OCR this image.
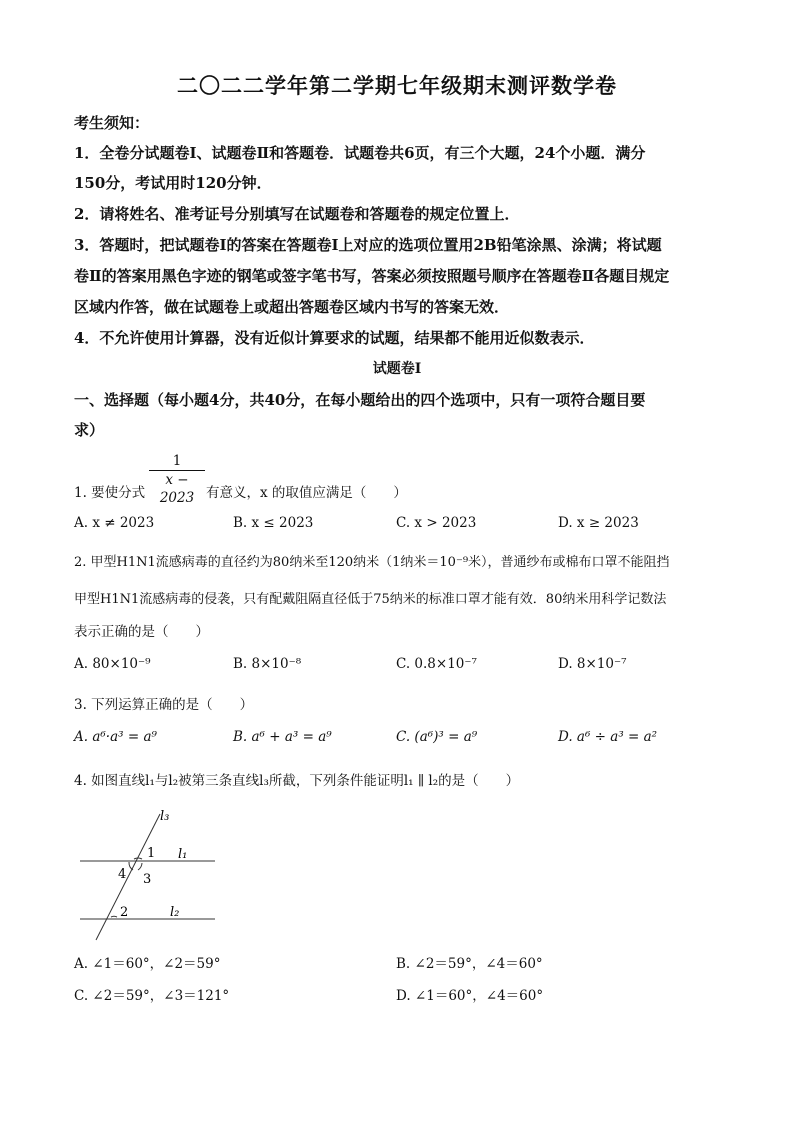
二〇二二学年第二学期七年级期末测评数学卷
考生须知：
1．全卷分试题卷Ⅰ、试题卷Ⅱ和答题卷．试题卷共6页，有三个大题，24个小题．满分
150分，考试用时120分钟．
2．请将姓名、准考证号分别填写在试题卷和答题卷的规定位置上．
3．答题时，把试题卷Ⅰ的答案在答题卷Ⅰ上对应的选项位置用2B铅笔涂黑、涂满；将试题
卷Ⅱ的答案用黑色字迹的钢笔或签字笔书写，答案必须按照题号顺序在答题卷Ⅱ各题目规定
区域内作答，做在试题卷上或超出答题卷区域内书写的答案无效．
4．不允许使用计算器，没有近似计算要求的试题，结果都不能用近似数表示．
试题卷Ⅰ
一、选择题（每小题4分，共40分，在每小题给出的四个选项中，只有一项符合题目要
求）
1. 要使分式
1
x − 2023 有意义，x 的取值应满足（　　）
A. x ≠ 2023	B. x ≤ 2023	C. x > 2023	D. x ≥ 2023
2. 甲型H1N1流感病毒的直径约为80纳米至120纳米（1纳米＝10⁻⁹米），普通纱布或棉布口罩不能阻挡
甲型H1N1流感病毒的侵袭，只有配戴阻隔直径低于75纳米的标准口罩才能有效．80纳米用科学记数法
表示正确的是（　　）
A. 80×10⁻⁹	B. 8×10⁻⁸	C. 0.8×10⁻⁷	D. 8×10⁻⁷
3. 下列运算正确的是（　　）
A. a⁶·a³ = a⁹	B. a⁶ + a³ = a⁹	C. (a⁶)³ = a⁹	D. a⁶ ÷ a³ = a²
4. 如图直线l₁与l₂被第三条直线l₃所截，下列条件能证明l₁ ∥ l₂的是（　　）
l₃
l₁
l₂
1
4 3
2
A. ∠1＝60°，∠2＝59°	B. ∠2＝59°，∠4＝60°
C. ∠2＝59°，∠3＝121°	D. ∠1＝60°，∠4＝60°
